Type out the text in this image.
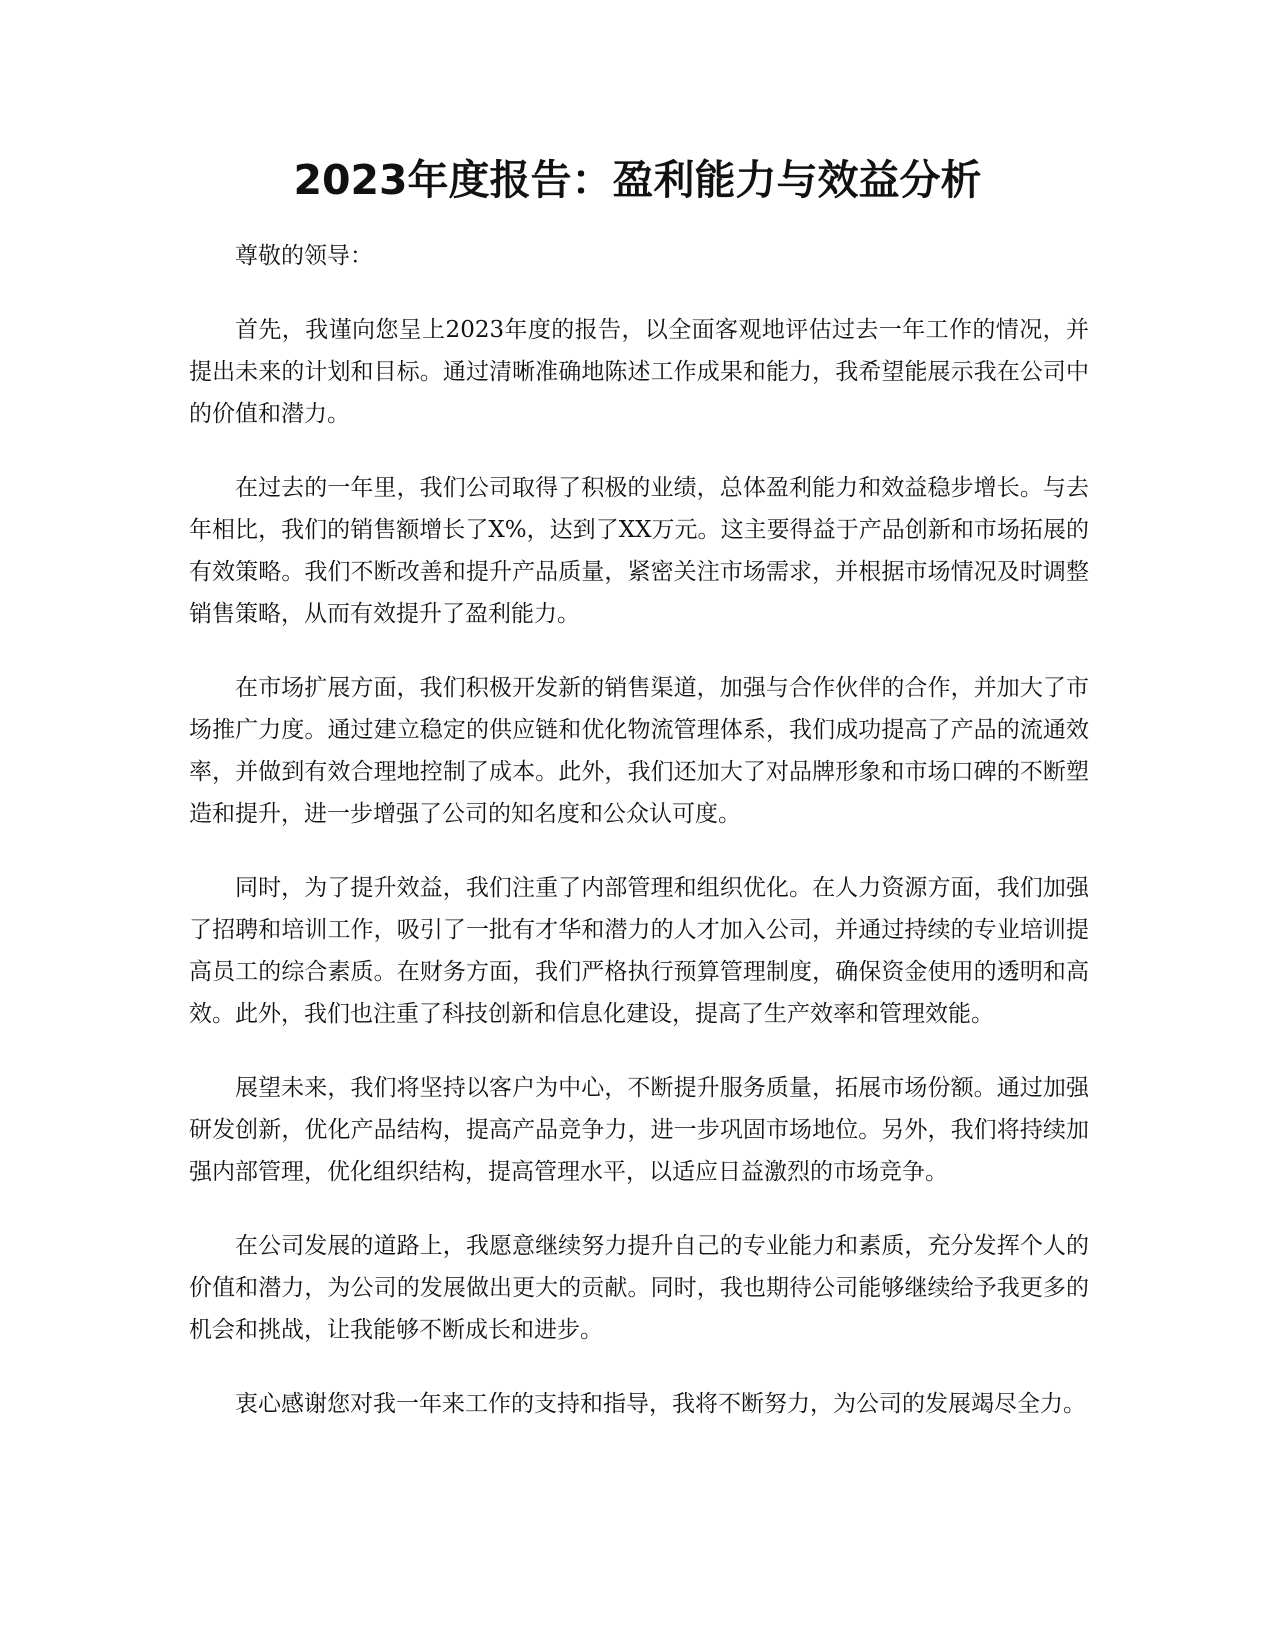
2023年度报告：盈利能力与效益分析

尊敬的领导：

首先，我谨向您呈上2023年度的报告，以全面客观地评估过去一年工作的情况，并提出未来的计划和目标。通过清晰准确地陈述工作成果和能力，我希望能展示我在公司中的价值和潜力。

在过去的一年里，我们公司取得了积极的业绩，总体盈利能力和效益稳步增长。与去年相比，我们的销售额增长了X%，达到了XX万元。这主要得益于产品创新和市场拓展的有效策略。我们不断改善和提升产品质量，紧密关注市场需求，并根据市场情况及时调整销售策略，从而有效提升了盈利能力。

在市场扩展方面，我们积极开发新的销售渠道，加强与合作伙伴的合作，并加大了市场推广力度。通过建立稳定的供应链和优化物流管理体系，我们成功提高了产品的流通效率，并做到有效合理地控制了成本。此外，我们还加大了对品牌形象和市场口碑的不断塑造和提升，进一步增强了公司的知名度和公众认可度。

同时，为了提升效益，我们注重了内部管理和组织优化。在人力资源方面，我们加强了招聘和培训工作，吸引了一批有才华和潜力的人才加入公司，并通过持续的专业培训提高员工的综合素质。在财务方面，我们严格执行预算管理制度，确保资金使用的透明和高效。此外，我们也注重了科技创新和信息化建设，提高了生产效率和管理效能。

展望未来，我们将坚持以客户为中心，不断提升服务质量，拓展市场份额。通过加强研发创新，优化产品结构，提高产品竞争力，进一步巩固市场地位。另外，我们将持续加强内部管理，优化组织结构，提高管理水平，以适应日益激烈的市场竞争。

在公司发展的道路上，我愿意继续努力提升自己的专业能力和素质，充分发挥个人的价值和潜力，为公司的发展做出更大的贡献。同时，我也期待公司能够继续给予我更多的机会和挑战，让我能够不断成长和进步。

衷心感谢您对我一年来工作的支持和指导，我将不断努力，为公司的发展竭尽全力。
